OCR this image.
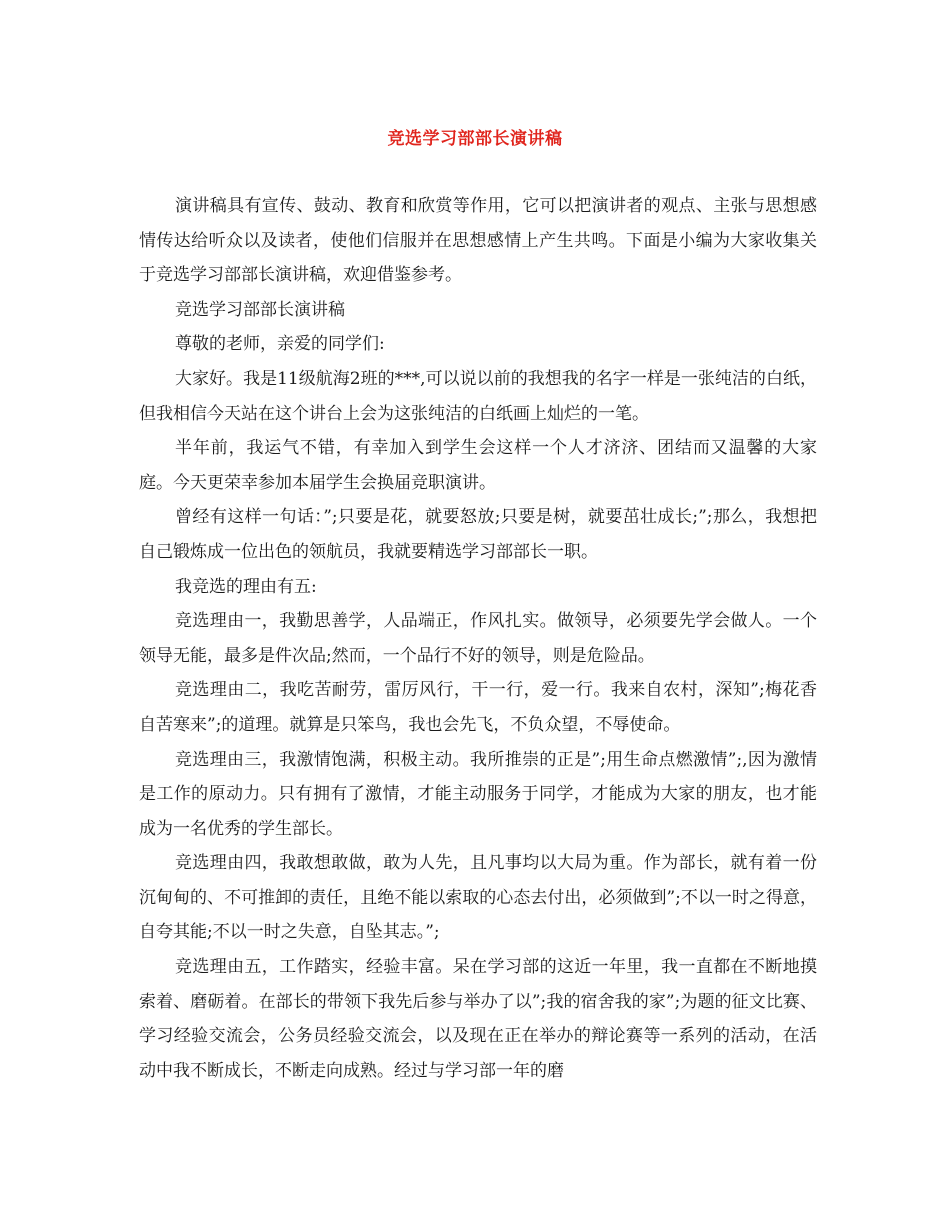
竞选学习部部长演讲稿

演讲稿具有宣传、鼓动、教育和欣赏等作用，它可以把演讲者的观点、主张与思想感情传达给听众以及读者，使他们信服并在思想感情上产生共鸣。下面是小编为大家收集关于竞选学习部部长演讲稿，欢迎借鉴参考。

竞选学习部部长演讲稿

尊敬的老师，亲爱的同学们:

大家好。我是11级航海2班的***,可以说以前的我想我的名字一样是一张纯洁的白纸，但我相信今天站在这个讲台上会为这张纯洁的白纸画上灿烂的一笔。

半年前，我运气不错，有幸加入到学生会这样一个人才济济、团结而又温馨的大家庭。今天更荣幸参加本届学生会换届竞职演讲。

曾经有这样一句话：”;只要是花，就要怒放;只要是树，就要茁壮成长;”;那么，我想把自己锻炼成一位出色的领航员，我就要精选学习部部长一职。

我竞选的理由有五:

竞选理由一，我勤思善学，人品端正，作风扎实。做领导，必须要先学会做人。一个领导无能，最多是件次品;然而，一个品行不好的领导，则是危险品。

竞选理由二，我吃苦耐劳，雷厉风行，干一行，爱一行。我来自农村，深知”;梅花香自苦寒来”;的道理。就算是只笨鸟，我也会先飞，不负众望，不辱使命。

竞选理由三，我激情饱满，积极主动。我所推崇的正是”;用生命点燃激情”;,因为激情是工作的原动力。只有拥有了激情，才能主动服务于同学，才能成为大家的朋友，也才能成为一名优秀的学生部长。

竞选理由四，我敢想敢做，敢为人先，且凡事均以大局为重。作为部长，就有着一份沉甸甸的、不可推卸的责任，且绝不能以索取的心态去付出，必须做到”;不以一时之得意，自夸其能;不以一时之失意，自坠其志。”;

竞选理由五，工作踏实，经验丰富。呆在学习部的这近一年里，我一直都在不断地摸索着、磨砺着。在部长的带领下我先后参与举办了以”;我的宿舍我的家”;为题的征文比赛、学习经验交流会，公务员经验交流会，以及现在正在举办的辩论赛等一系列的活动，在活动中我不断成长，不断走向成熟。经过与学习部一年的磨
